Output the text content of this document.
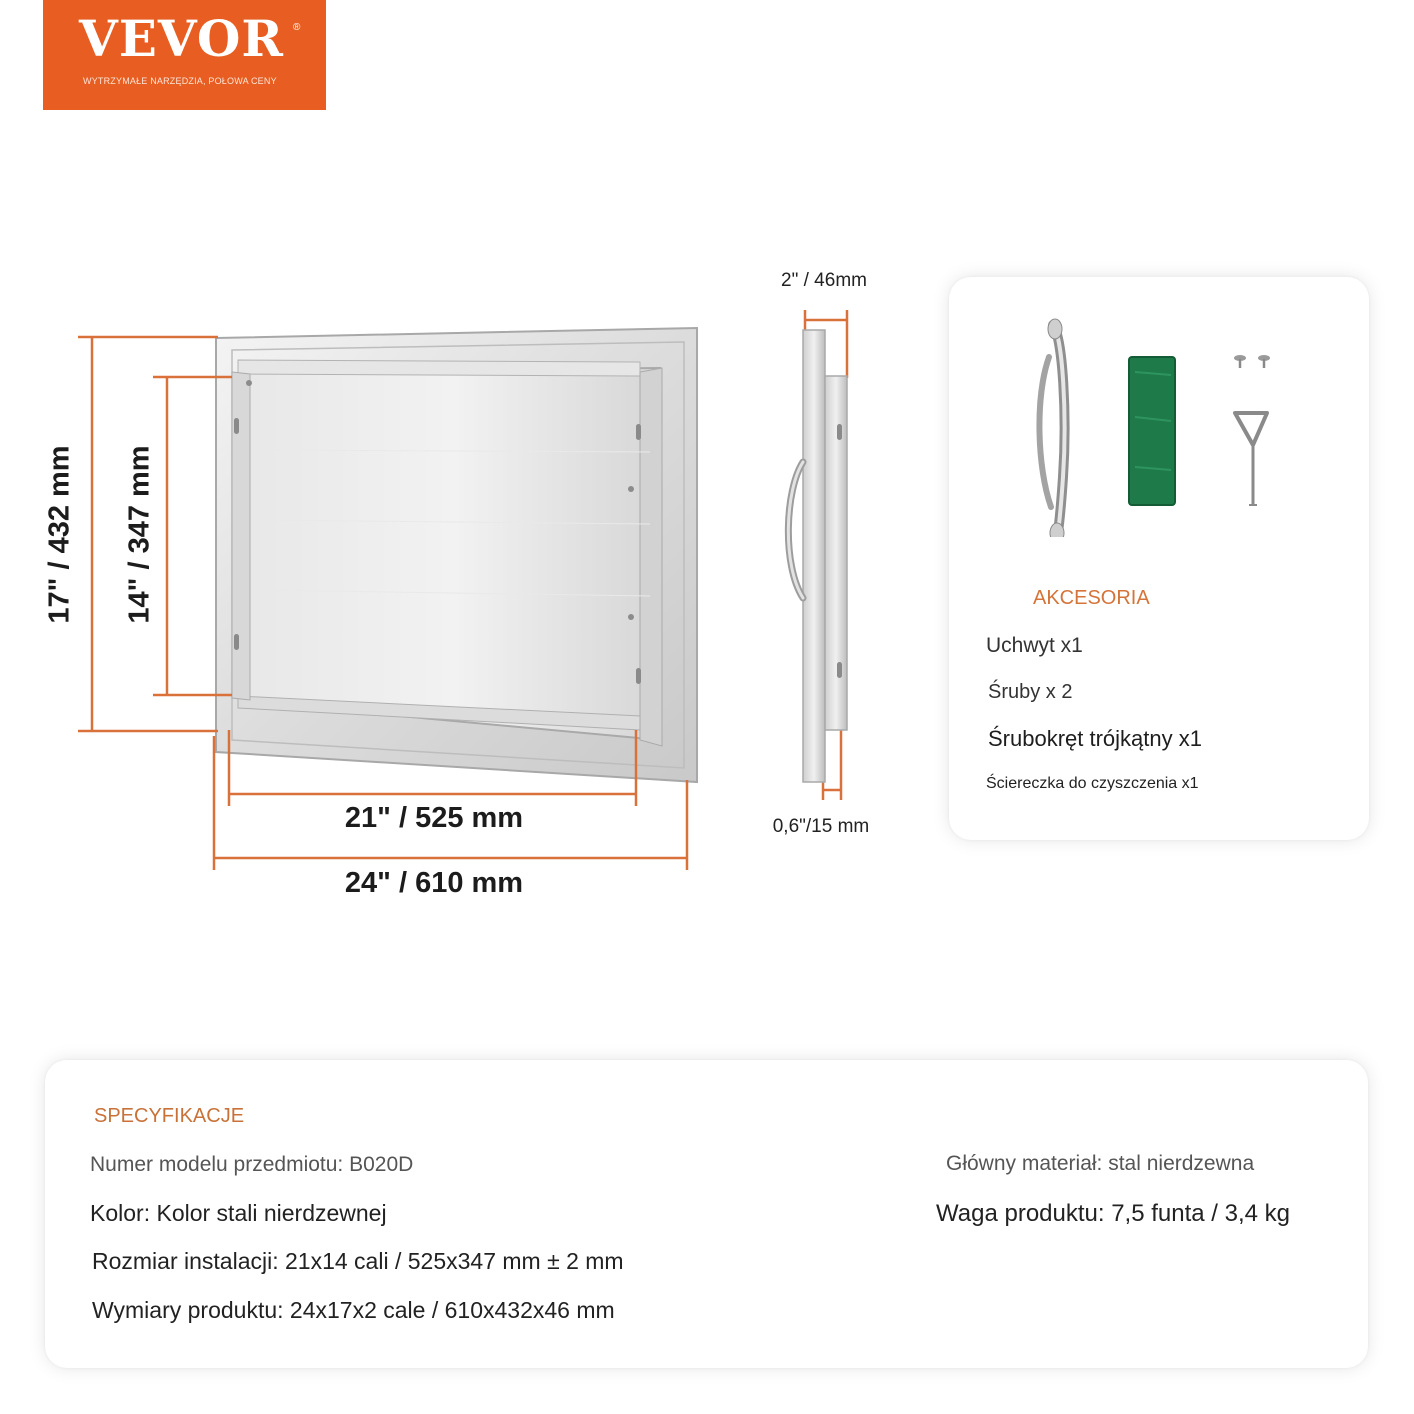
VEVOR ®
WYTRZYMAŁE NARZĘDZIA, POŁOWA CENY
17" / 432 mm 14" / 347 mm
21" / 525 mm
24" / 610 mm
2" / 46mm
0,6"/15 mm
AKCESORIA
Uchwyt x1
Śruby x 2
Śrubokręt trójkątny x1
Ściereczka do czyszczenia x1
SPECYFIKACJE
Numer modelu przedmiotu: B020D
Kolor: Kolor stali nierdzewnej
Rozmiar instalacji: 21x14 cali / 525x347 mm ± 2 mm
Wymiary produktu: 24x17x2 cale / 610x432x46 mm
Główny materiał: stal nierdzewna
Waga produktu: 7,5 funta / 3,4 kg
